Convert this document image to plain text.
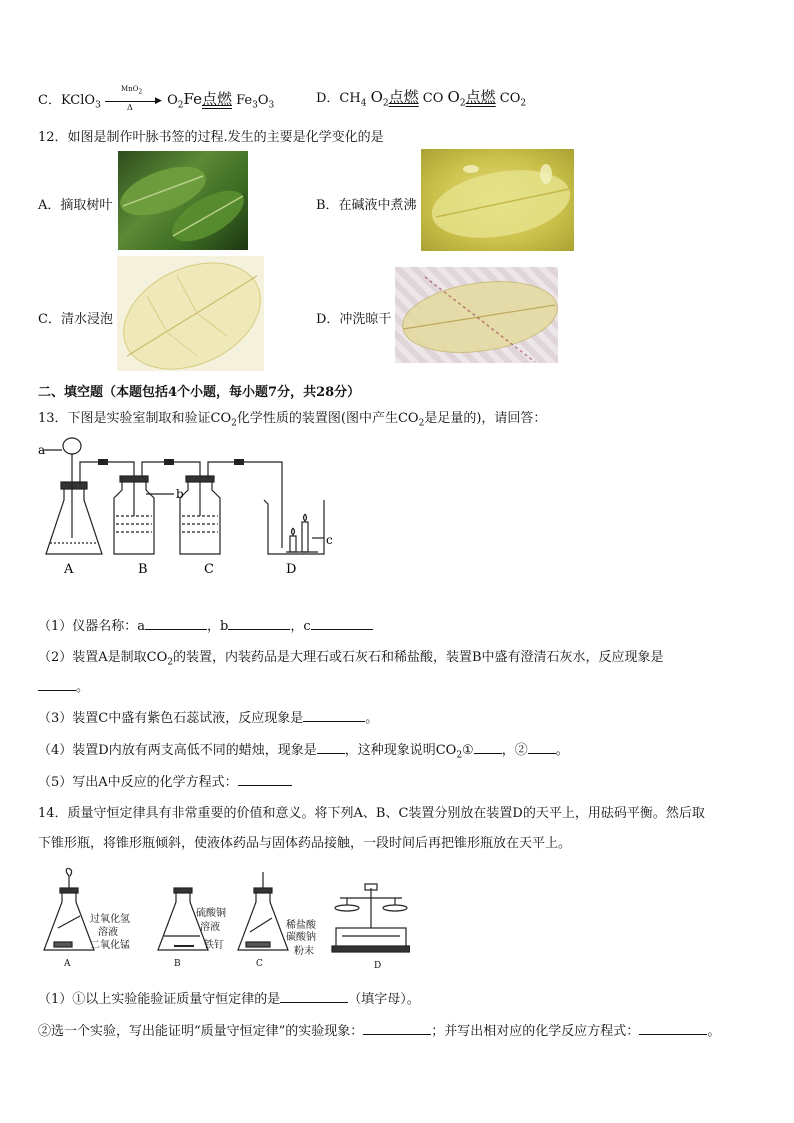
C．KClO$_3$
MnO$_2$
▶
Δ	$O_2Fe$点燃 $Fe_3O_3$	D．$CH_4$ $O_2$点燃 CO $O_2$点燃 $CO_2$
12．如图是制作叶脉书签的过程.发生的主要是化学变化的是
A．摘取树叶	B．在碱液中煮沸
C．清水浸泡	D．冲洗晾干
二、填空题（本题包括4个小题，每小题7分，共28分）
13．下图是实验室制取和验证$CO_2$化学性质的装置图(图中产生$CO_2$是足量的)，请回答：
a
b
c
A	B	C	D
（1）仪器名称：a	，b	，c
（2）装置A是制取$CO_2$的装置，内装药品是大理石或石灰石和稀盐酸，装置B中盛有澄清石灰水，反应现象是
。
（3）装置C中盛有紫色石蕊试液，反应现象是	。
（4）装置D内放有两支高低不同的蜡烛，现象是 ，这种现象说明$CO_2①$ ，② 。
（5）写出A中反应的化学方程式：
14．质量守恒定律具有非常重要的价值和意义。将下列A、B、C装置分别放在装置D的天平上，用砝码平衡。然后取
下锥形瓶，将锥形瓶倾斜，使液体药品与固体药品接触，一段时间后再把锥形瓶放在天平上。
过氧化氢
溶液
二氧化锰
A
硫酸铜
溶液
铁钉
B
稀盐酸
碳酸钠
粉末
C	D
（1）①以上实验能验证质量守恒定律的是	（填字母）。
②选一个实验，写出能证明“质量守恒定律”的实验现象：	；并写出相对应的化学反应方程式：	。
